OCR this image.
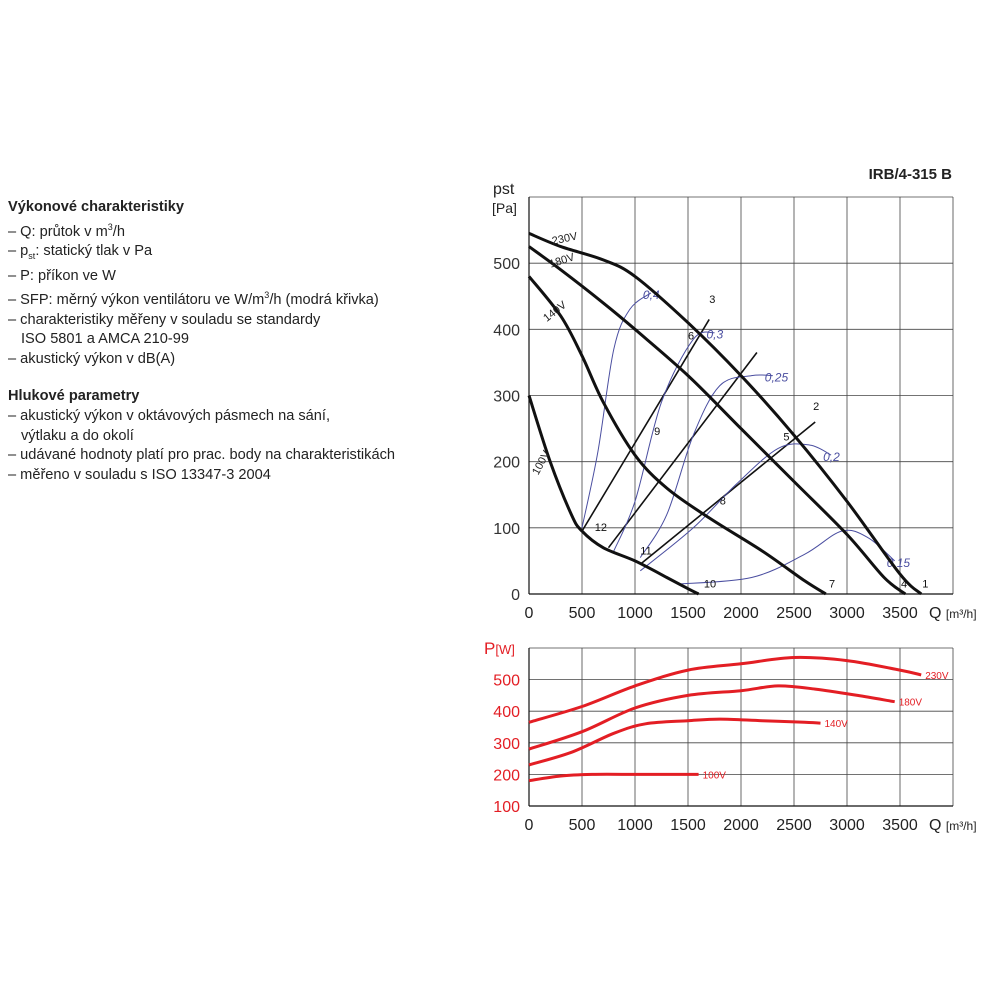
IRB/4-315 B
Výkonové charakteristiky
– Q: průtok v $m^3/h$
– $p_{st}$: statický tlak v Pa
– P: příkon ve W
– SFP: měrný výkon ventilátoru ve $W/m^3/h$ (modrá křivka)
– charakteristiky měřeny v souladu se standardy
ISO 5801 a AMCA 210-99
– akustický výkon v dB(A)
Hlukové parametry
– akustický výkon v oktávových pásmech na sání,
výtlaku a do okolí
– udávané hodnoty platí pro prac. body na charakteristikách
– měřeno v souladu s ISO 13347-3 2004
0
100
200
300
400
500
0 500 1000 1500 2000 2500 3000 3500 Q [m³/h]
pst
[Pa]
100
200
300
400
500
0 500 1000 1500 2000 2500 3000 3500 Q [m³/h]
P[W]
0,4
0,3
0,25
0,2
0,15
230V
180V
140V
100V
1
2
3
4
5
6
7
8
9
10
11
12
230V
180V
140V
100V
